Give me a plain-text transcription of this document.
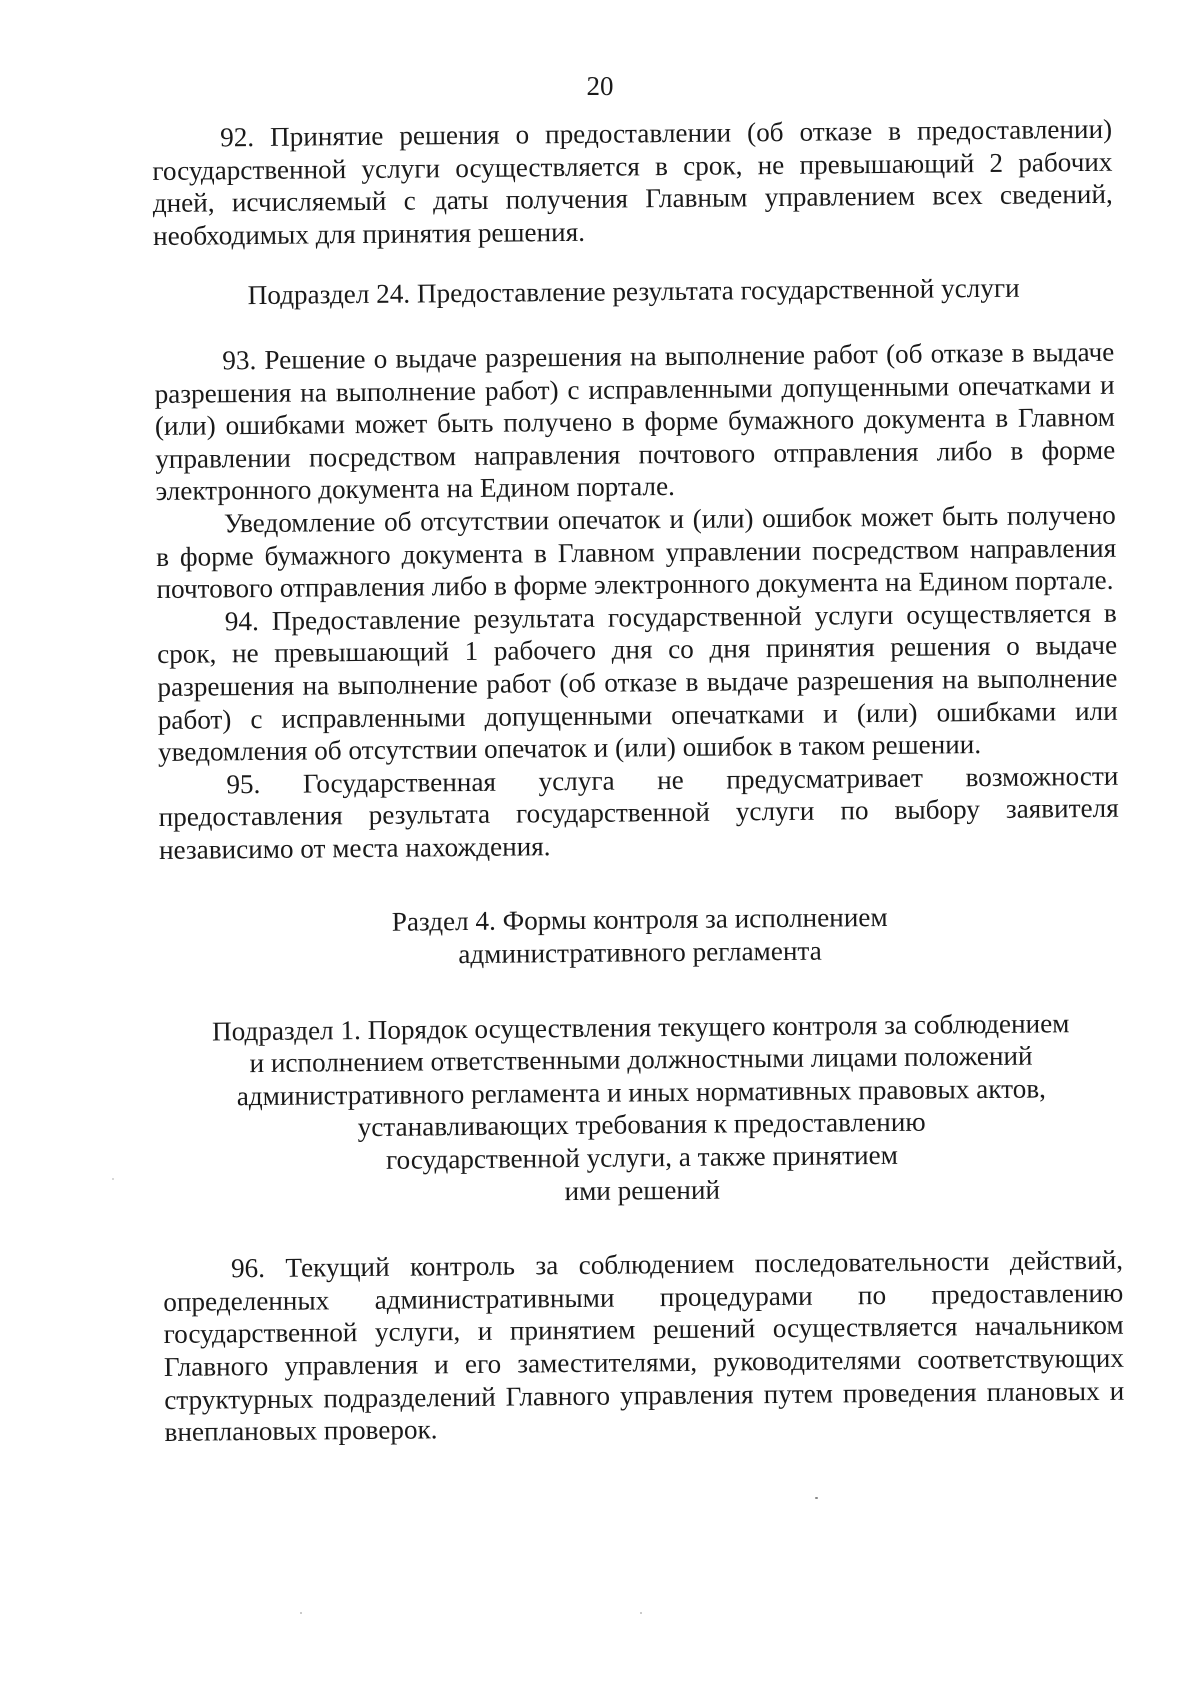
20

92. Принятие решения о предоставлении (об отказе в предоставлении) государственной услуги осуществляется в срок, не превышающий 2 рабочих дней, исчисляемый с даты получения Главным управлением всех сведений, необходимых для принятия решения.

Подраздел 24. Предоставление результата государственной услуги

93. Решение о выдаче разрешения на выполнение работ (об отказе в выдаче разрешения на выполнение работ) с исправленными допущенными опечатками и (или) ошибками может быть получено в форме бумажного документа в Главном управлении посредством направления почтового отправления либо в форме электронного документа на Едином портале.

Уведомление об отсутствии опечаток и (или) ошибок может быть получено в форме бумажного документа в Главном управлении посредством направления почтового отправления либо в форме электронного документа на Едином портале.

94. Предоставление результата государственной услуги осуществляется в срок, не превышающий 1 рабочего дня со дня принятия решения о выдаче разрешения на выполнение работ (об отказе в выдаче разрешения на выполнение работ) с исправленными допущенными опечатками и (или) ошибками или уведомления об отсутствии опечаток и (или) ошибок в таком решении.

95. Государственная услуга не предусматривает возможности предоставления результата государственной услуги по выбору заявителя независимо от места нахождения.

Раздел 4. Формы контроля за исполнением
административного регламента

Подраздел 1. Порядок осуществления текущего контроля за соблюдением
и исполнением ответственными должностными лицами положений
административного регламента и иных нормативных правовых актов,
устанавливающих требования к предоставлению
государственной услуги, а также принятием
ими решений

96. Текущий контроль за соблюдением последовательности действий, определенных административными процедурами по предоставлению государственной услуги, и принятием решений осуществляется начальником Главного управления и его заместителями, руководителями соответствующих структурных подразделений Главного управления путем проведения плановых и внеплановых проверок.
